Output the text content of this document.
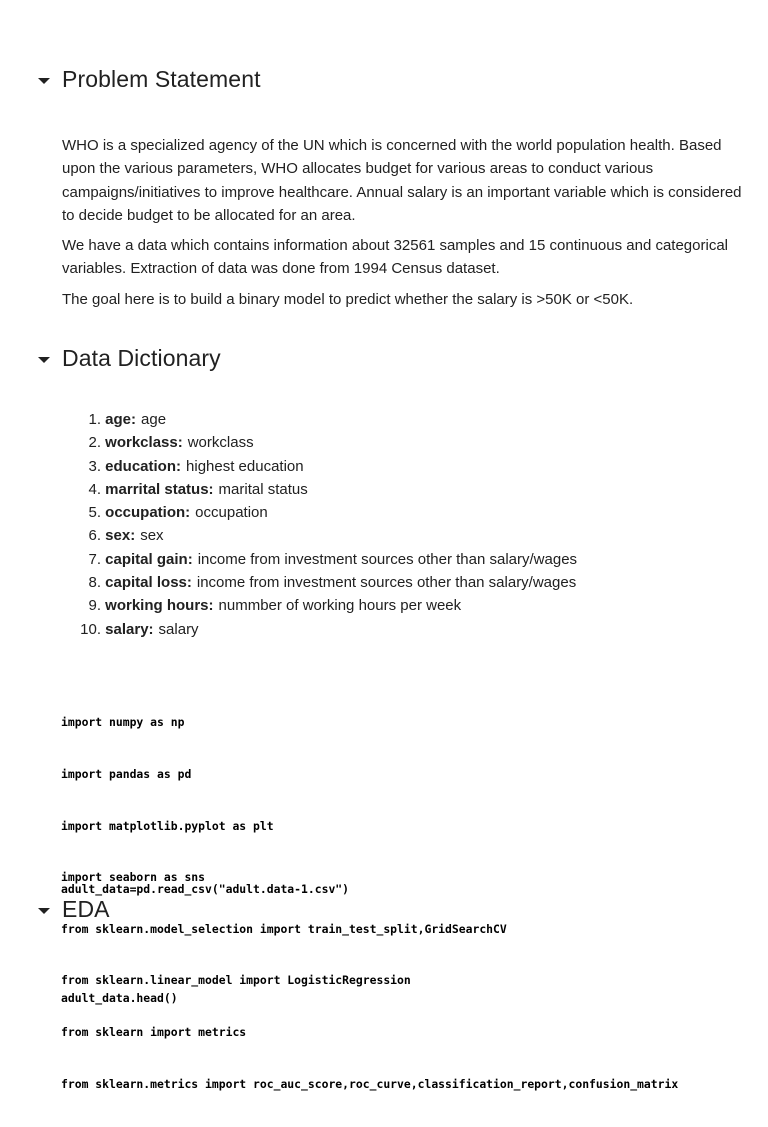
Problem Statement

WHO is a specialized agency of the UN which is concerned with the world population health. Based upon the various parameters, WHO allocates budget for various areas to conduct various campaigns/initiatives to improve healthcare. Annual salary is an important variable which is considered to decide budget to be allocated for an area.

We have a data which contains information about 32561 samples and 15 continuous and categorical variables. Extraction of data was done from 1994 Census dataset.

The goal here is to build a binary model to predict whether the salary is >50K or <50K.

Data Dictionary
1.
age: age
2.
workclass: workclass
3.
education: highest education
4.
marrital status: marital status
5.
occupation: occupation
6.
sex: sex
7.
capital gain: income from investment sources other than salary/wages
8.
capital loss: income from investment sources other than salary/wages
9.
working hours: nummber of working hours per week
10.
salary: salary

import numpy as np

import pandas as pd

import matplotlib.pyplot as plt

import seaborn as sns

from sklearn.model_selection import train_test_split,GridSearchCV

from sklearn.linear_model import LogisticRegression

from sklearn import metrics

from sklearn.metrics import roc_auc_score,roc_curve,classification_report,confusion_matrix

adult_data=pd.read_csv("adult.data-1.csv")

EDA

adult_data.head()
